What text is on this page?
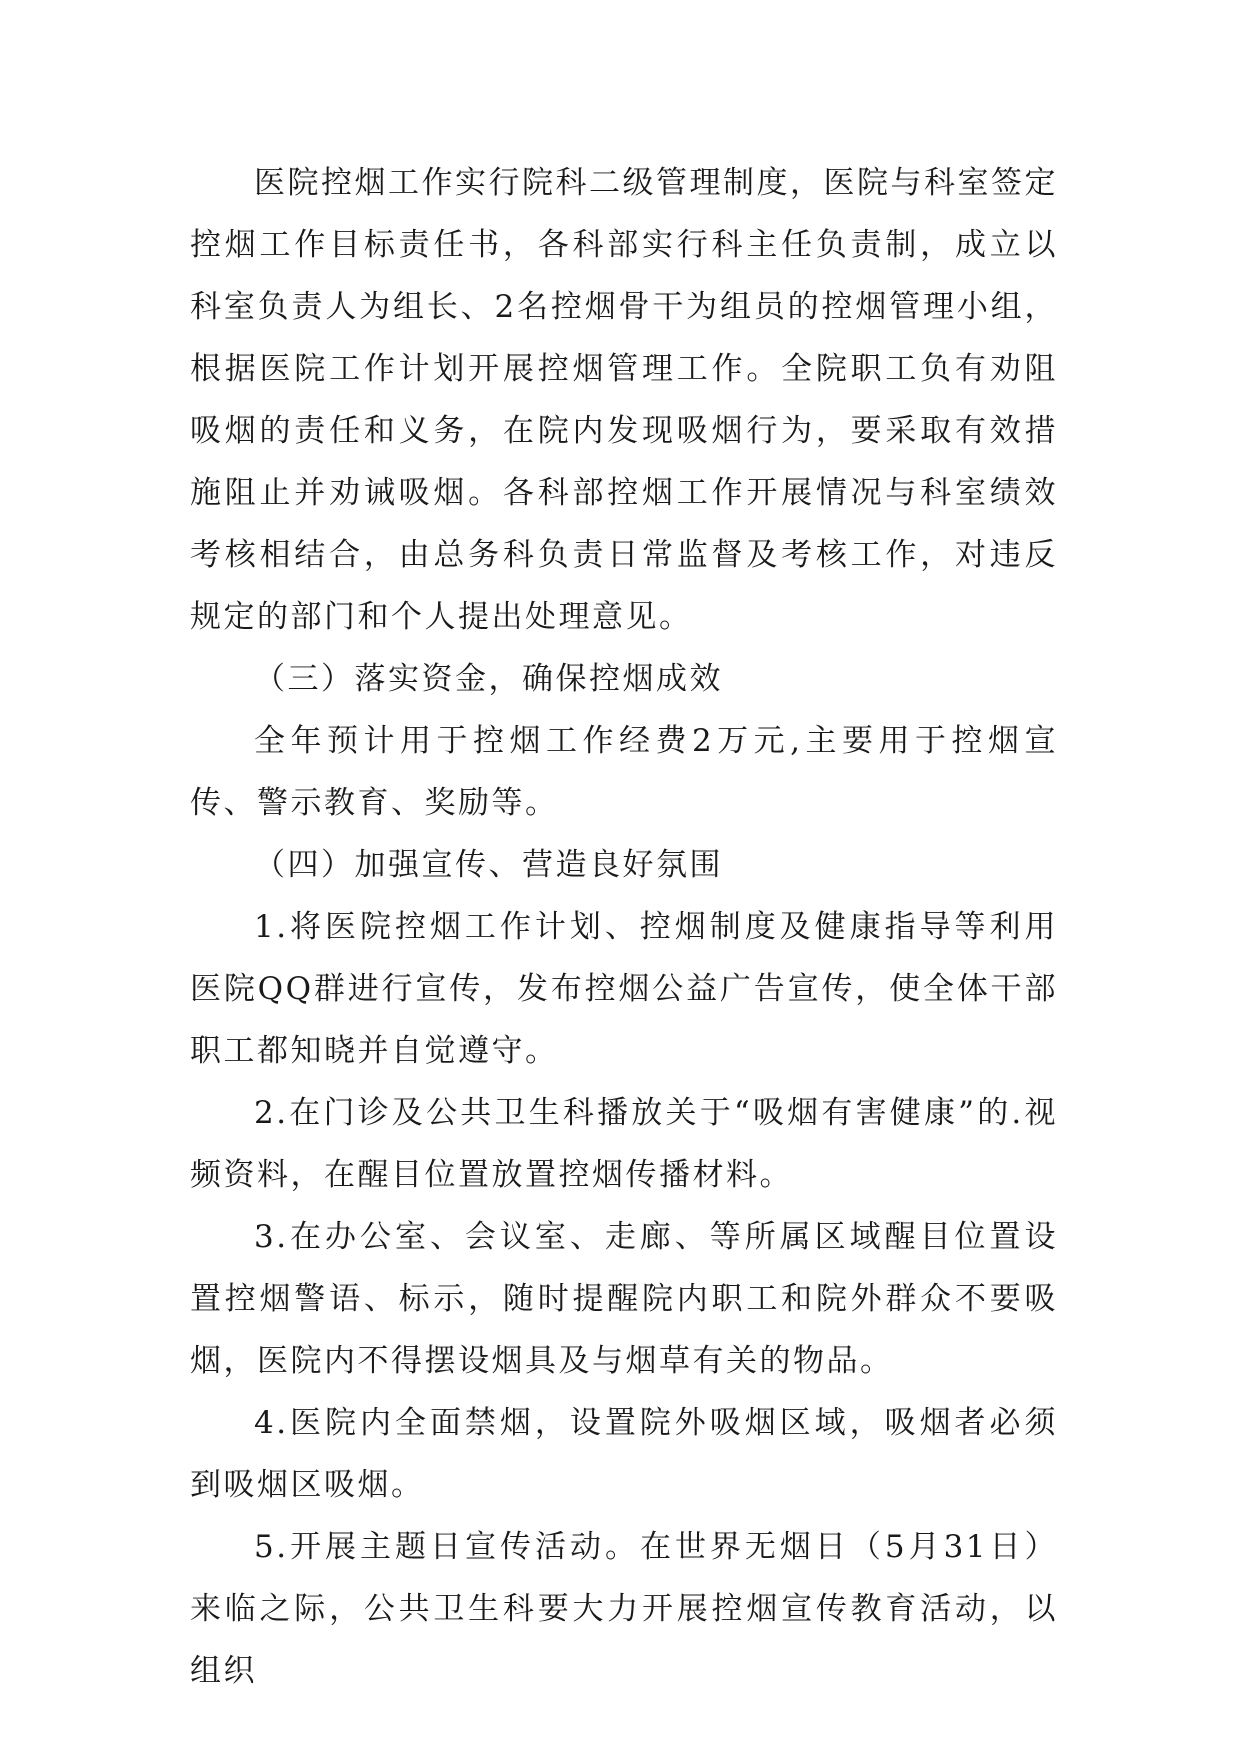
医院控烟工作实行院科二级管理制度，医院与科室签定控烟工作目标责任书，各科部实行科主任负责制，成立以科室负责人为组长、2名控烟骨干为组员的控烟管理小组，根据医院工作计划开展控烟管理工作。全院职工负有劝阻吸烟的责任和义务，在院内发现吸烟行为，要采取有效措施阻止并劝诫吸烟。各科部控烟工作开展情况与科室绩效考核相结合，由总务科负责日常监督及考核工作，对违反规定的部门和个人提出处理意见。

（三）落实资金，确保控烟成效

全年预计用于控烟工作经费2万元,主要用于控烟宣传、警示教育、奖励等。

（四）加强宣传、营造良好氛围

1.将医院控烟工作计划、控烟制度及健康指导等利用医院QQ群进行宣传，发布控烟公益广告宣传，使全体干部职工都知晓并自觉遵守。

2.在门诊及公共卫生科播放关于“吸烟有害健康”的.视频资料，在醒目位置放置控烟传播材料。

3.在办公室、会议室、走廊、等所属区域醒目位置设置控烟警语、标示，随时提醒院内职工和院外群众不要吸烟，医院内不得摆设烟具及与烟草有关的物品。

4.医院内全面禁烟，设置院外吸烟区域，吸烟者必须到吸烟区吸烟。

5.开展主题日宣传活动。在世界无烟日（5月31日）来临之际，公共卫生科要大力开展控烟宣传教育活动，以组织
